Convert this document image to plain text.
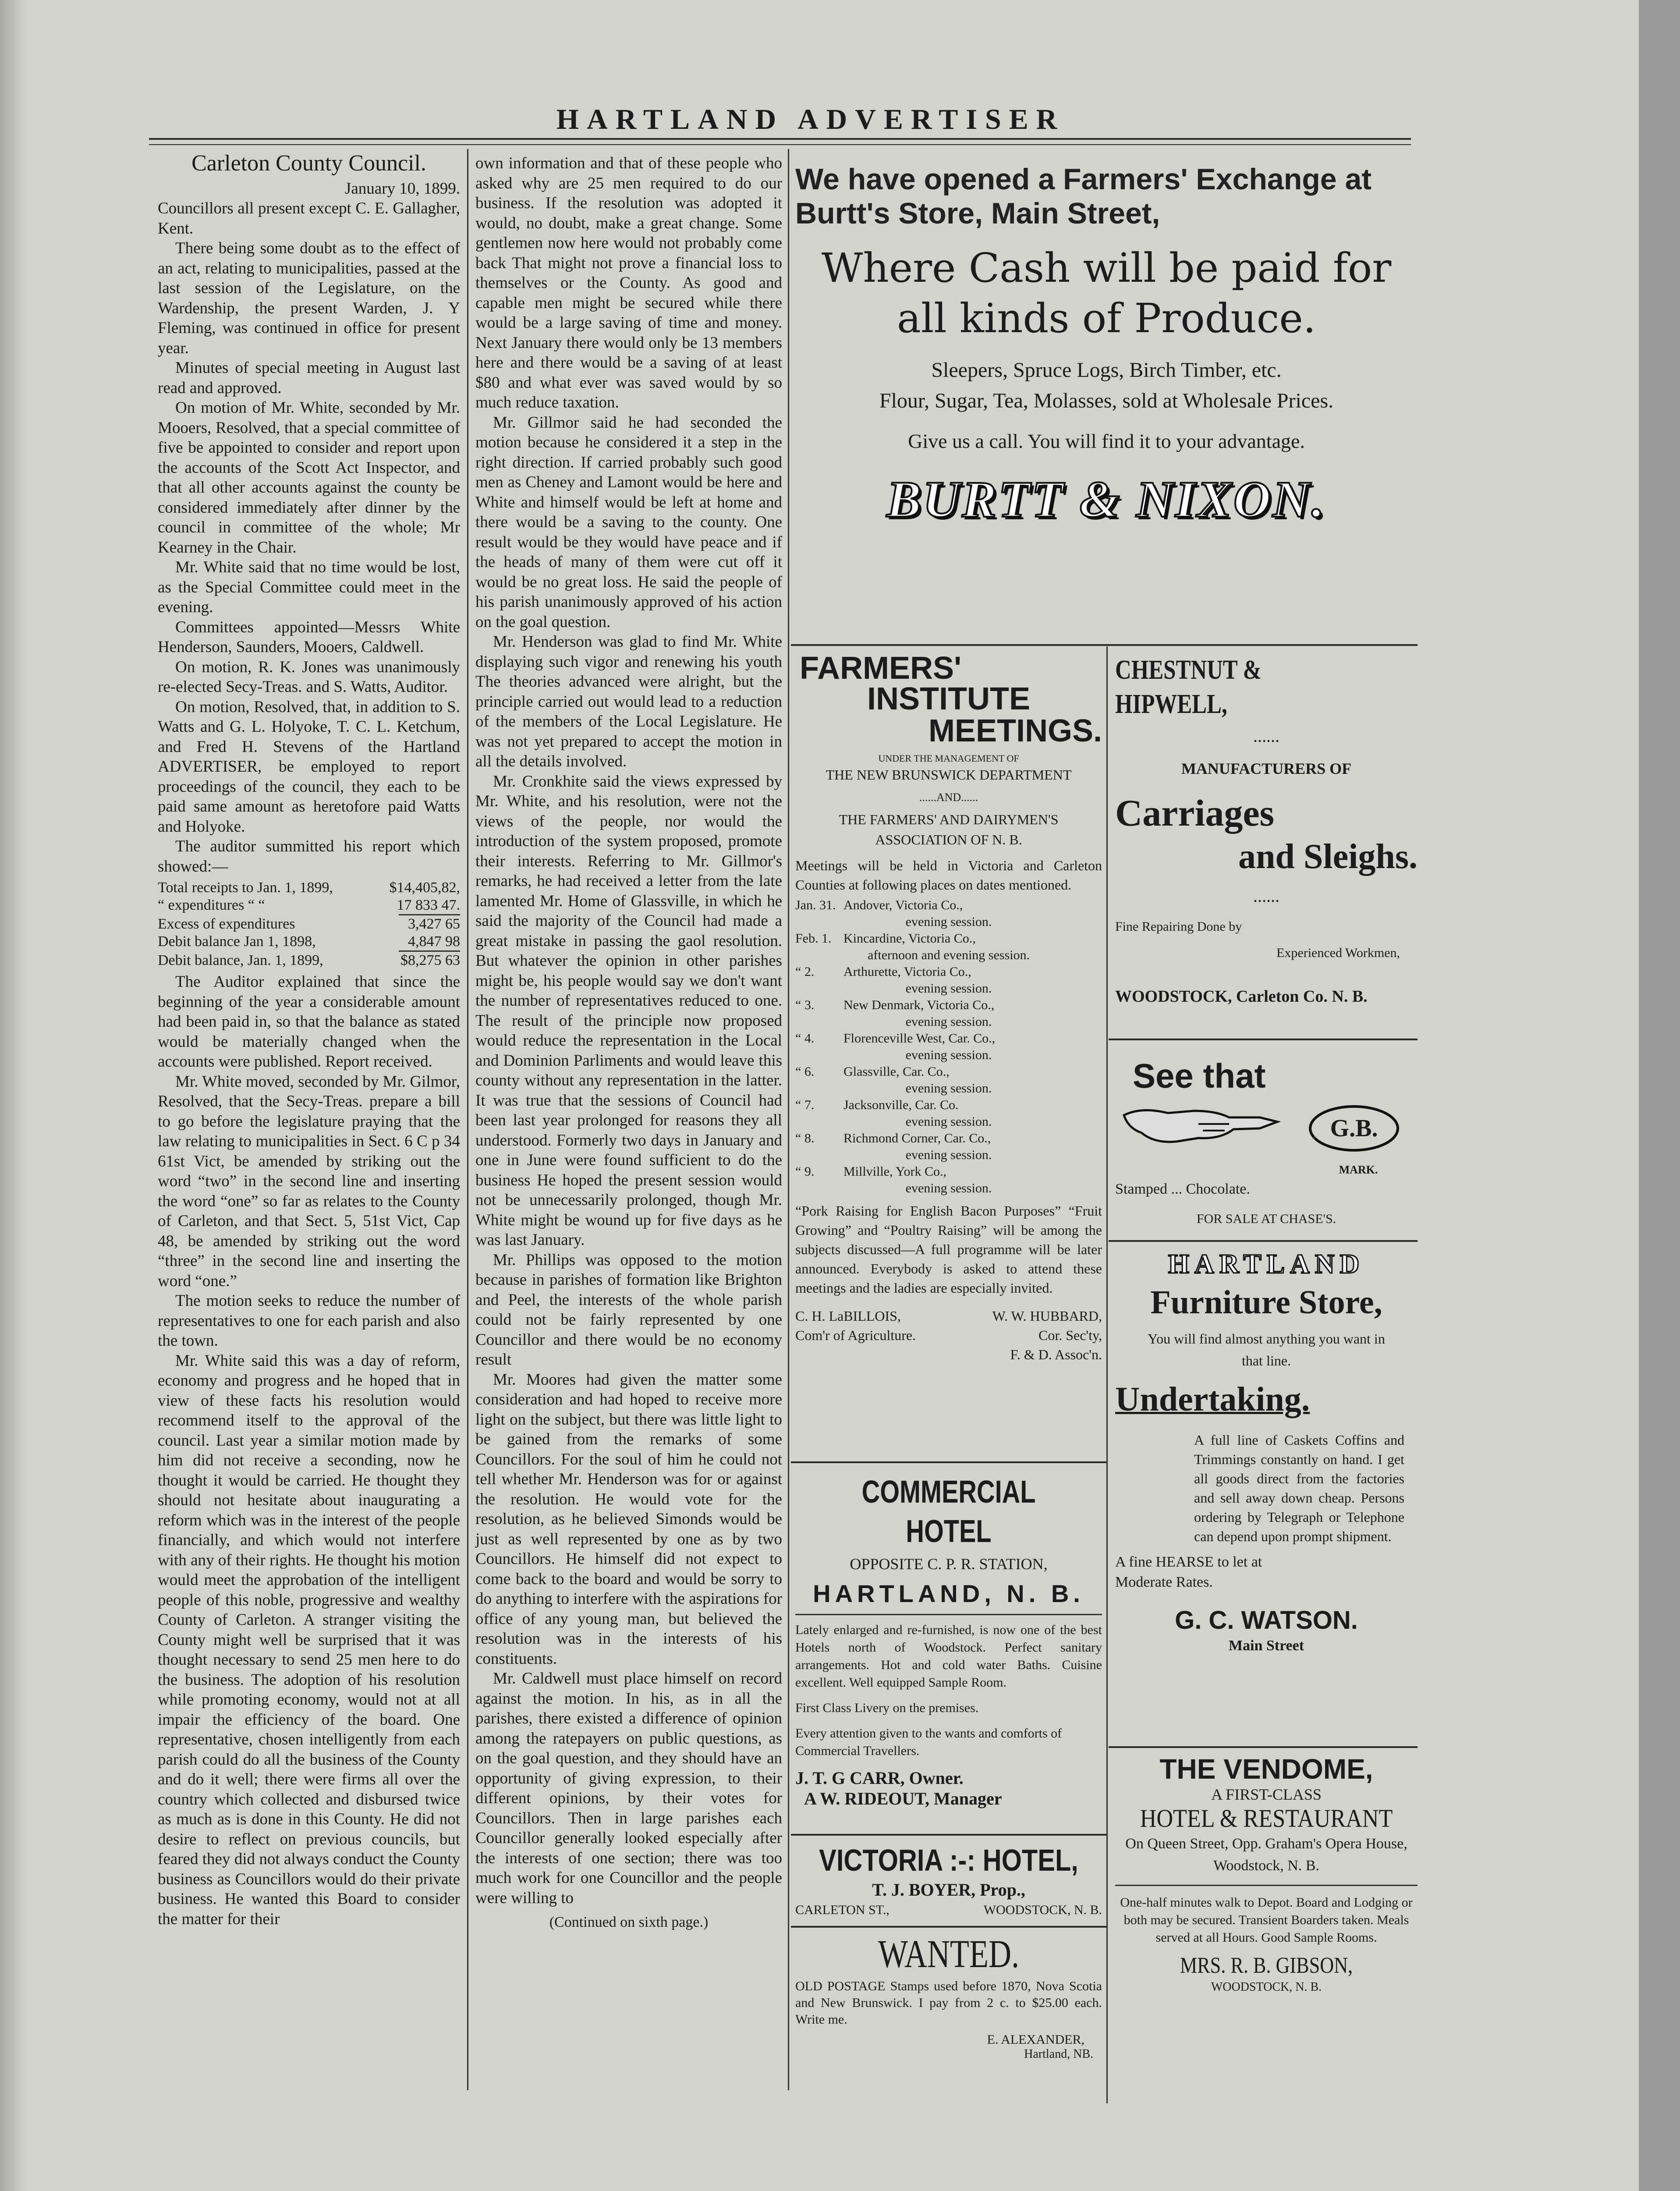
HARTLAND ADVERTISER
Carleton County Council.

January 10, 1899.

Councillors all present except C. E. Gallagher, Kent.

There being some doubt as to the effect of an act, relating to municipalities, passed at the last session of the Legislature, on the Wardenship, the present Warden, J. Y Fleming, was continued in office for present year.

Minutes of special meeting in August last read and approved.

On motion of Mr. White, seconded by Mr. Mooers, Resolved, that a special committee of five be appointed to consider and report upon the accounts of the Scott Act Inspector, and that all other accounts against the county be considered immediately after dinner by the council in committee of the whole; Mr Kearney in the Chair.

Mr. White said that no time would be lost, as the Special Committee could meet in the evening.

Committees appointed—Messrs White Henderson, Saunders, Mooers, Caldwell.

On motion, R. K. Jones was unanimously re-elected Secy-Treas. and S. Watts, Auditor.

On motion, Resolved, that, in addition to S. Watts and G. L. Holyoke, T. C. L. Ketchum, and Fred H. Stevens of the Hartland ADVERTISER, be employed to report proceedings of the council, they each to be paid same amount as heretofore paid Watts and Holyoke.

The auditor summitted his report which showed:—

Total receipts to Jan. 1, 1899,	$14,405,82,
“ expenditures “ “	17 833 47.
Excess of expenditures	3,427 65
Debit balance Jan 1, 1898,	4,847 98
Debit balance, Jan. 1, 1899,	$8,275 63

The Auditor explained that since the beginning of the year a considerable amount had been paid in, so that the balance as stated would be materially changed when the accounts were published. Report received.

Mr. White moved, seconded by Mr. Gilmor, Resolved, that the Secy-Treas. prepare a bill to go before the legislature praying that the law relating to municipalities in Sect. 6 C p 34 61st Vict, be amended by striking out the word “two” in the second line and inserting the word “one” so far as relates to the County of Carleton, and that Sect. 5, 51st Vict, Cap 48, be amended by striking out the word “three” in the second line and inserting the word “one.”

The motion seeks to reduce the number of representatives to one for each parish and also the town.

Mr. White said this was a day of reform, economy and progress and he hoped that in view of these facts his resolution would recommend itself to the approval of the council. Last year a similar motion made by him did not receive a seconding, now he thought it would be carried. He thought they should not hesitate about inaugurating a reform which was in the interest of the people financially, and which would not interfere with any of their rights. He thought his motion would meet the approbation of the intelligent people of this noble, progressive and wealthy County of Carleton. A stranger visiting the County might well be surprised that it was thought necessary to send 25 men here to do the business. The adoption of his resolution while promoting economy, would not at all impair the efficiency of the board. One representative, chosen intelligently from each parish could do all the business of the County and do it well; there were firms all over the country which collected and disbursed twice as much as is done in this County. He did not desire to reflect on previous councils, but feared they did not always conduct the County business as Councillors would do their private business. He wanted this Board to consider the matter for their

own information and that of these people who asked why are 25 men required to do our business. If the resolution was adopted it would, no doubt, make a great change. Some gentlemen now here would not probably come back That might not prove a financial loss to themselves or the County. As good and capable men might be secured while there would be a large saving of time and money. Next January there would only be 13 members here and there would be a saving of at least $80 and what ever was saved would by so much reduce taxation.

Mr. Gillmor said he had seconded the motion because he considered it a step in the right direction. If carried probably such good men as Cheney and Lamont would be here and White and himself would be left at home and there would be a saving to the county. One result would be they would have peace and if the heads of many of them were cut off it would be no great loss. He said the people of his parish unanimously approved of his action on the goal question.

Mr. Henderson was glad to find Mr. White displaying such vigor and renewing his youth The theories advanced were alright, but the principle carried out would lead to a reduction of the members of the Local Legislature. He was not yet prepared to accept the motion in all the details involved.

Mr. Cronkhite said the views expressed by Mr. White, and his resolution, were not the views of the people, nor would the introduction of the system proposed, promote their interests. Referring to Mr. Gillmor's remarks, he had received a letter from the late lamented Mr. Home of Glassville, in which he said the majority of the Council had made a great mistake in passing the gaol resolution. But whatever the opinion in other parishes might be, his people would say we don't want the number of representatives reduced to one. The result of the principle now proposed would reduce the representation in the Local and Dominion Parliments and would leave this county without any representation in the latter. It was true that the sessions of Council had been last year prolonged for reasons they all understood. Formerly two days in January and one in June were found sufficient to do the business He hoped the present session would not be unnecessarily prolonged, though Mr. White might be wound up for five days as he was last January.

Mr. Phillips was opposed to the motion because in parishes of formation like Brighton and Peel, the interests of the whole parish could not be fairly represented by one Councillor and there would be no economy result

Mr. Moores had given the matter some consideration and had hoped to receive more light on the subject, but there was little light to be gained from the remarks of some Councillors. For the soul of him he could not tell whether Mr. Henderson was for or against the resolution. He would vote for the resolution, as he believed Simonds would be just as well represented by one as by two Councillors. He himself did not expect to come back to the board and would be sorry to do anything to interfere with the aspirations for office of any young man, but believed the resolution was in the interests of his constituents.

Mr. Caldwell must place himself on record against the motion. In his, as in all the parishes, there existed a difference of opinion among the ratepayers on public questions, as on the goal question, and they should have an opportunity of giving expression, to their different opinions, by their votes for Councillors. Then in large parishes each Councillor generally looked especially after the interests of one section; there was too much work for one Councillor and the people were willing to

(Continued on sixth page.)
We have opened a Farmers' Exchange at Burtt's Store, Main Street,
Where Cash will be paid for all kinds of Produce.
Sleepers, Spruce Logs, Birch Timber, etc.
Flour, Sugar, Tea, Molasses, sold at Wholesale Prices.
Give us a call. You will find it to your advantage.
BURTT & NIXON.
FARMERS'
INSTITUTE
MEETINGS.
UNDER THE MANAGEMENT OF
THE NEW BRUNSWICK DEPARTMENT
......AND......
THE FARMERS' AND DAIRYMEN'S ASSOCIATION OF N. B.
Meetings will be held in Victoria and Carleton Counties at following places on dates mentioned.
Jan. 31. Andover, Victoria Co.,
evening session.
Feb. 1. Kincardine, Victoria Co.,
afternoon and evening session.
“ 2.	Arthurette, Victoria Co.,
evening session.
“ 3.	New Denmark, Victoria Co.,
evening session.
“ 4.	Florenceville West, Car. Co.,
evening session.
“ 6.	Glassville, Car. Co.,
evening session.
“ 7.	Jacksonville, Car. Co.
evening session.
“ 8.	Richmond Corner, Car. Co.,
evening session.
“ 9.	Millville, York Co.,
evening session.
“Pork Raising for English Bacon Purposes” “Fruit Growing” and “Poultry Raising” will be among the subjects discussed—A full programme will be later announced. Everybody is asked to attend these meetings and the ladies are especially invited.
C. H. LaBILLOIS,
Com'r of Agriculture.
W. W. HUBBARD,
Cor. Sec'ty,
F. & D. Assoc'n.
COMMERCIAL HOTEL
OPPOSITE C. P. R. STATION,
HARTLAND, N. B.
Lately enlarged and re-furnished, is now one of the best Hotels north of Woodstock. Perfect sanitary arrangements. Hot and cold water Baths. Cuisine excellent. Well equipped Sample Room.
First Class Livery on the premises.
Every attention given to the wants and comforts of Commercial Travellers.
J. T. G CARR, Owner.
A W. RIDEOUT, Manager
VICTORIA :-: HOTEL,
T. J. BOYER, Prop.,
CARLETON ST.,	WOODSTOCK, N. B.
WANTED.
OLD POSTAGE Stamps used before 1870, Nova Scotia and New Brunswick. I pay from 2 c. to $25.00 each. Write me.
E. ALEXANDER,
Hartland, NB.
CHESTNUT & HIPWELL,
......
MANUFACTURERS OF
Carriages
and Sleighs.
......
Fine Repairing Done by
Experienced Workmen,
WOODSTOCK, Carleton Co. N. B.
See that
G.B.
MARK.
Stamped ... Chocolate.
FOR SALE AT CHASE'S.
HARTLAND
Furniture Store,
You will find almost anything you want in that line.
Undertaking.
A full line of Caskets Coffins and Trimmings constantly on hand. I get all goods direct from the factories and sell away down cheap. Persons ordering by Telegraph or Telephone can depend upon prompt shipment.
A fine HEARSE to let at Moderate Rates.
G. C. WATSON.
Main Street
THE VENDOME,
A FIRST-CLASS
HOTEL & RESTAURANT
On Queen Street, Opp. Graham's Opera House, Woodstock, N. B.
One-half minutes walk to Depot. Board and Lodging or both may be secured. Transient Boarders taken. Meals served at all Hours. Good Sample Rooms.
MRS. R. B. GIBSON,
WOODSTOCK, N. B.
